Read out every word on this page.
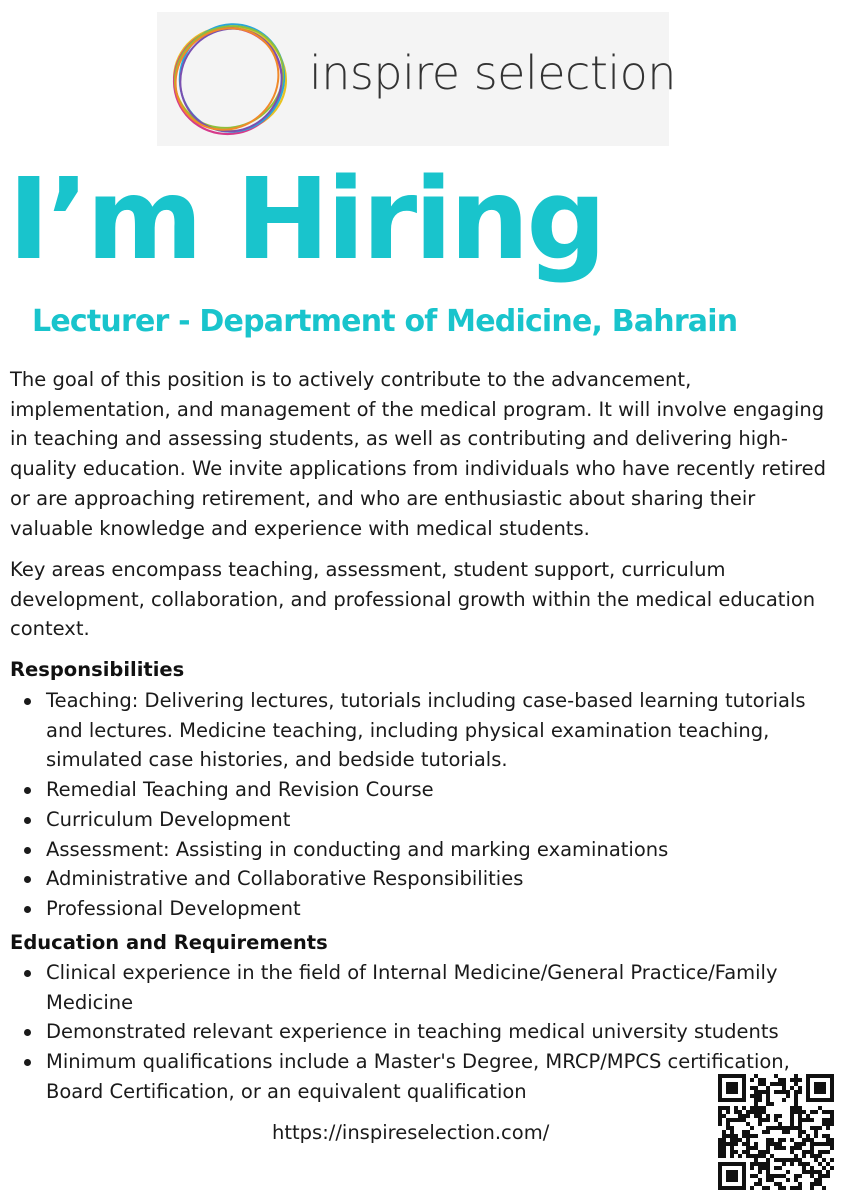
inspire selection
I’m Hiring
Lecturer - Department of Medicine, Bahrain

The goal of this position is to actively contribute to the advancement, implementation, and management of the medical program. It will involve engaging in teaching and assessing students, as well as contributing and delivering high-quality education. We invite applications from individuals who have recently retired or are approaching retirement, and who are enthusiastic about sharing their valuable knowledge and experience with medical students.

Key areas encompass teaching, assessment, student support, curriculum development, collaboration, and professional growth within the medical education context.

Responsibilities
Teaching: Delivering lectures, tutorials including case-based learning tutorials and lectures. Medicine teaching, including physical examination teaching, simulated case histories, and bedside tutorials.
Remedial Teaching and Revision Course
Curriculum Development
Assessment: Assisting in conducting and marking examinations
Administrative and Collaborative Responsibilities
Professional Development
Education and Requirements
Clinical experience in the field of Internal Medicine/General Practice/Family Medicine
Demonstrated relevant experience in teaching medical university students
Minimum qualifications include a Master's Degree, MRCP/MPCS certification, Board Certification, or an equivalent qualification

https://inspireselection.com/
